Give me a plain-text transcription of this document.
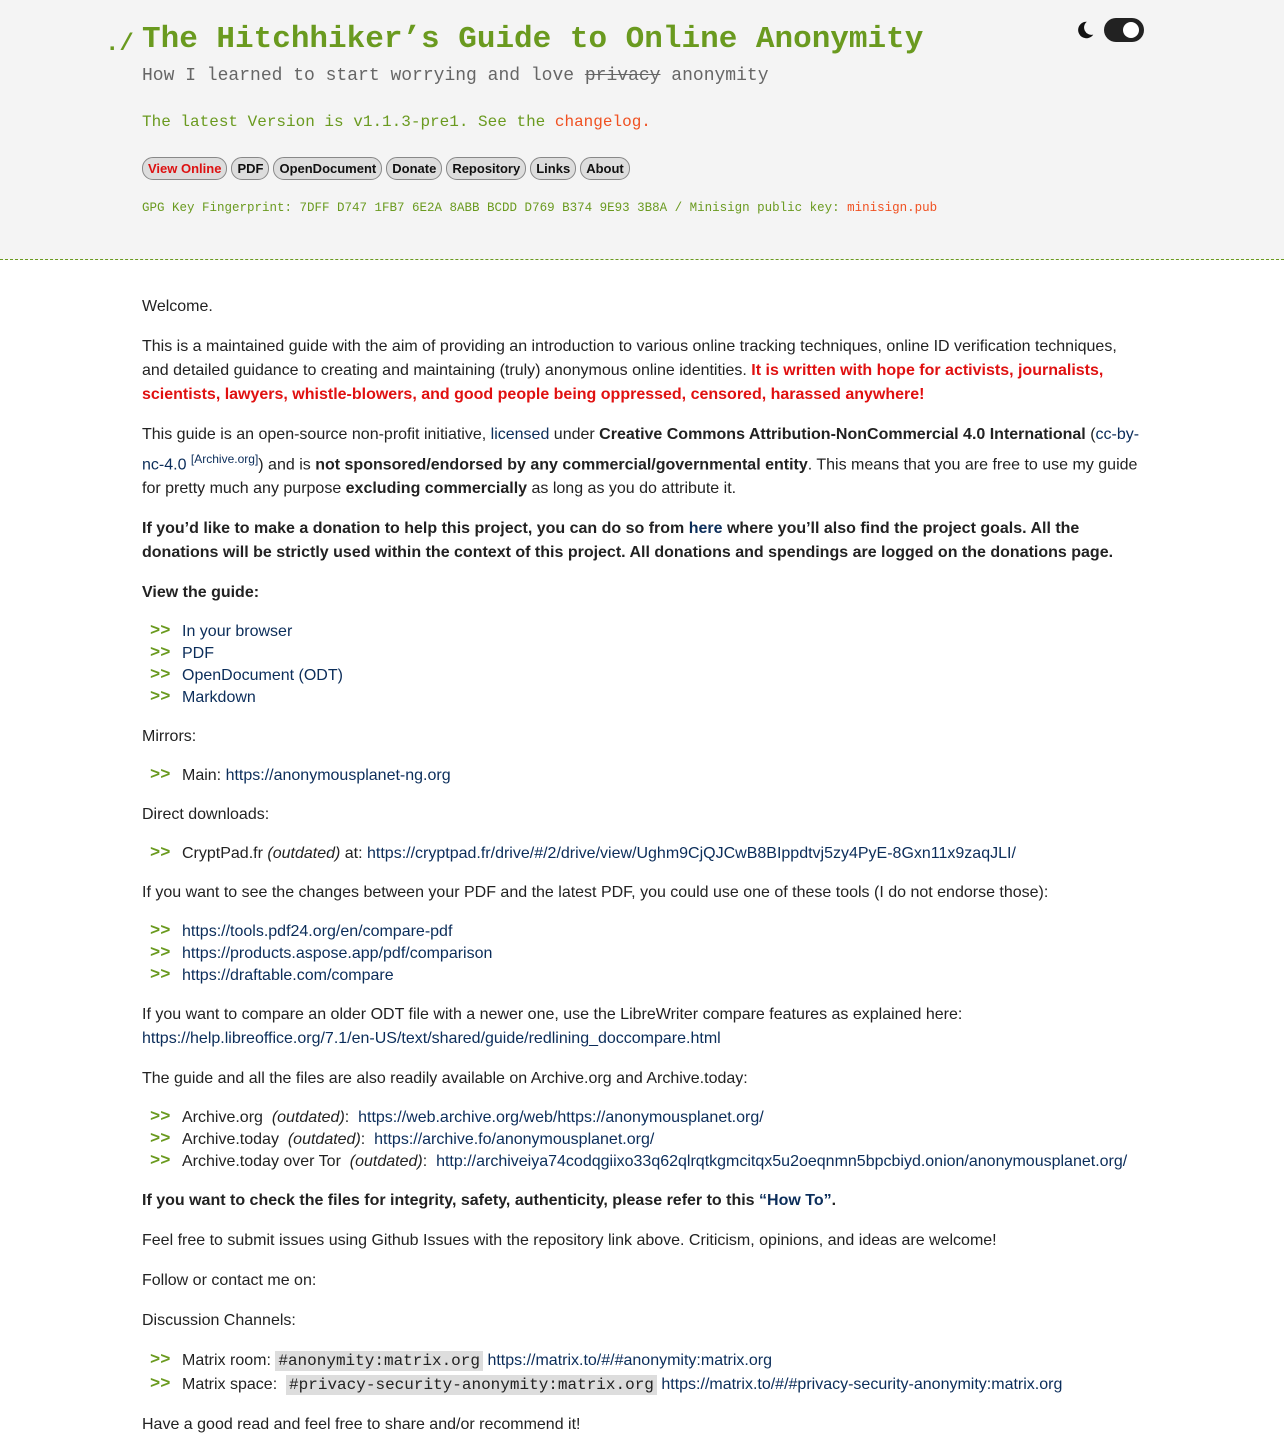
./ The Hitchhiker’s Guide to Online Anonymity

How I learned to start worrying and love privacy anonymity

The latest Version is v1.1.3-pre1. See the changelog.

View Online	PDF	OpenDocument	Donate	Repository	Links	About

GPG Key Fingerprint: 7DFF D747 1FB7 6E2A 8ABB BCDD D769 B374 9E93 3B8A / Minisign public key: minisign.pub

Welcome.

This is a maintained guide with the aim of providing an introduction to various online tracking techniques, online ID verification techniques, and detailed guidance to creating and maintaining (truly) anonymous online identities. It is written with hope for activists, journalists, scientists, lawyers, whistle-blowers, and good people being oppressed, censored, harassed anywhere!

This guide is an open-source non-profit initiative, licensed under Creative Commons Attribution-NonCommercial 4.0 International (cc-by-nc-4.0 [Archive.org]) and is not sponsored/endorsed by any commercial/governmental entity. This means that you are free to use my guide for pretty much any purpose excluding commercially as long as you do attribute it.

If you’d like to make a donation to help this project, you can do so from here where you’ll also find the project goals. All the donations will be strictly used within the context of this project. All donations and spendings are logged on the donations page.

View the guide:

>> In your browser
>> PDF
>> OpenDocument (ODT)
>> Markdown

Mirrors:

>> Main:
https://anonymousplanet-ng.org

Direct downloads:

>> CryptPad.fr
(outdated)
at:
https://cryptpad.fr/drive/#/2/drive/view/Ughm9CjQJCwB8BIppdtvj5zy4PyE-8Gxn11x9zaqJLI/

If you want to see the changes between your PDF and the latest PDF, you could use one of these tools (I do not endorse those):

>> https://tools.pdf24.org/en/compare-pdf
>> https://products.aspose.app/pdf/comparison
>> https://draftable.com/compare

If you want to compare an older ODT file with a newer one, use the LibreWriter compare features as explained here:
https://help.libreoffice.org/7.1/en-US/text/shared/guide/redlining_doccompare.html

The guide and all the files are also readily available on Archive.org and Archive.today:

>> Archive.org  (outdated):  https://web.archive.org/web/https://anonymousplanet.org/
>> Archive.today  (outdated):  https://archive.fo/anonymousplanet.org/
>> Archive.today over Tor  (outdated):  http://archiveiya74codqgiixo33q62qlrqtkgmcitqx5u2oeqnmn5bpcbiyd.onion/anonymousplanet.org/

If you want to check the files for integrity, safety, authenticity, please refer to this “How To”.

Feel free to submit issues using Github Issues with the repository link above. Criticism, opinions, and ideas are welcome!

Follow or contact me on:

Discussion Channels:

>> Matrix room: #anonymity:matrix.org https://matrix.to/#/#anonymity:matrix.org
>> Matrix space:  #privacy-security-anonymity:matrix.org https://matrix.to/#/#privacy-security-anonymity:matrix.org

Have a good read and feel free to share and/or recommend it!
